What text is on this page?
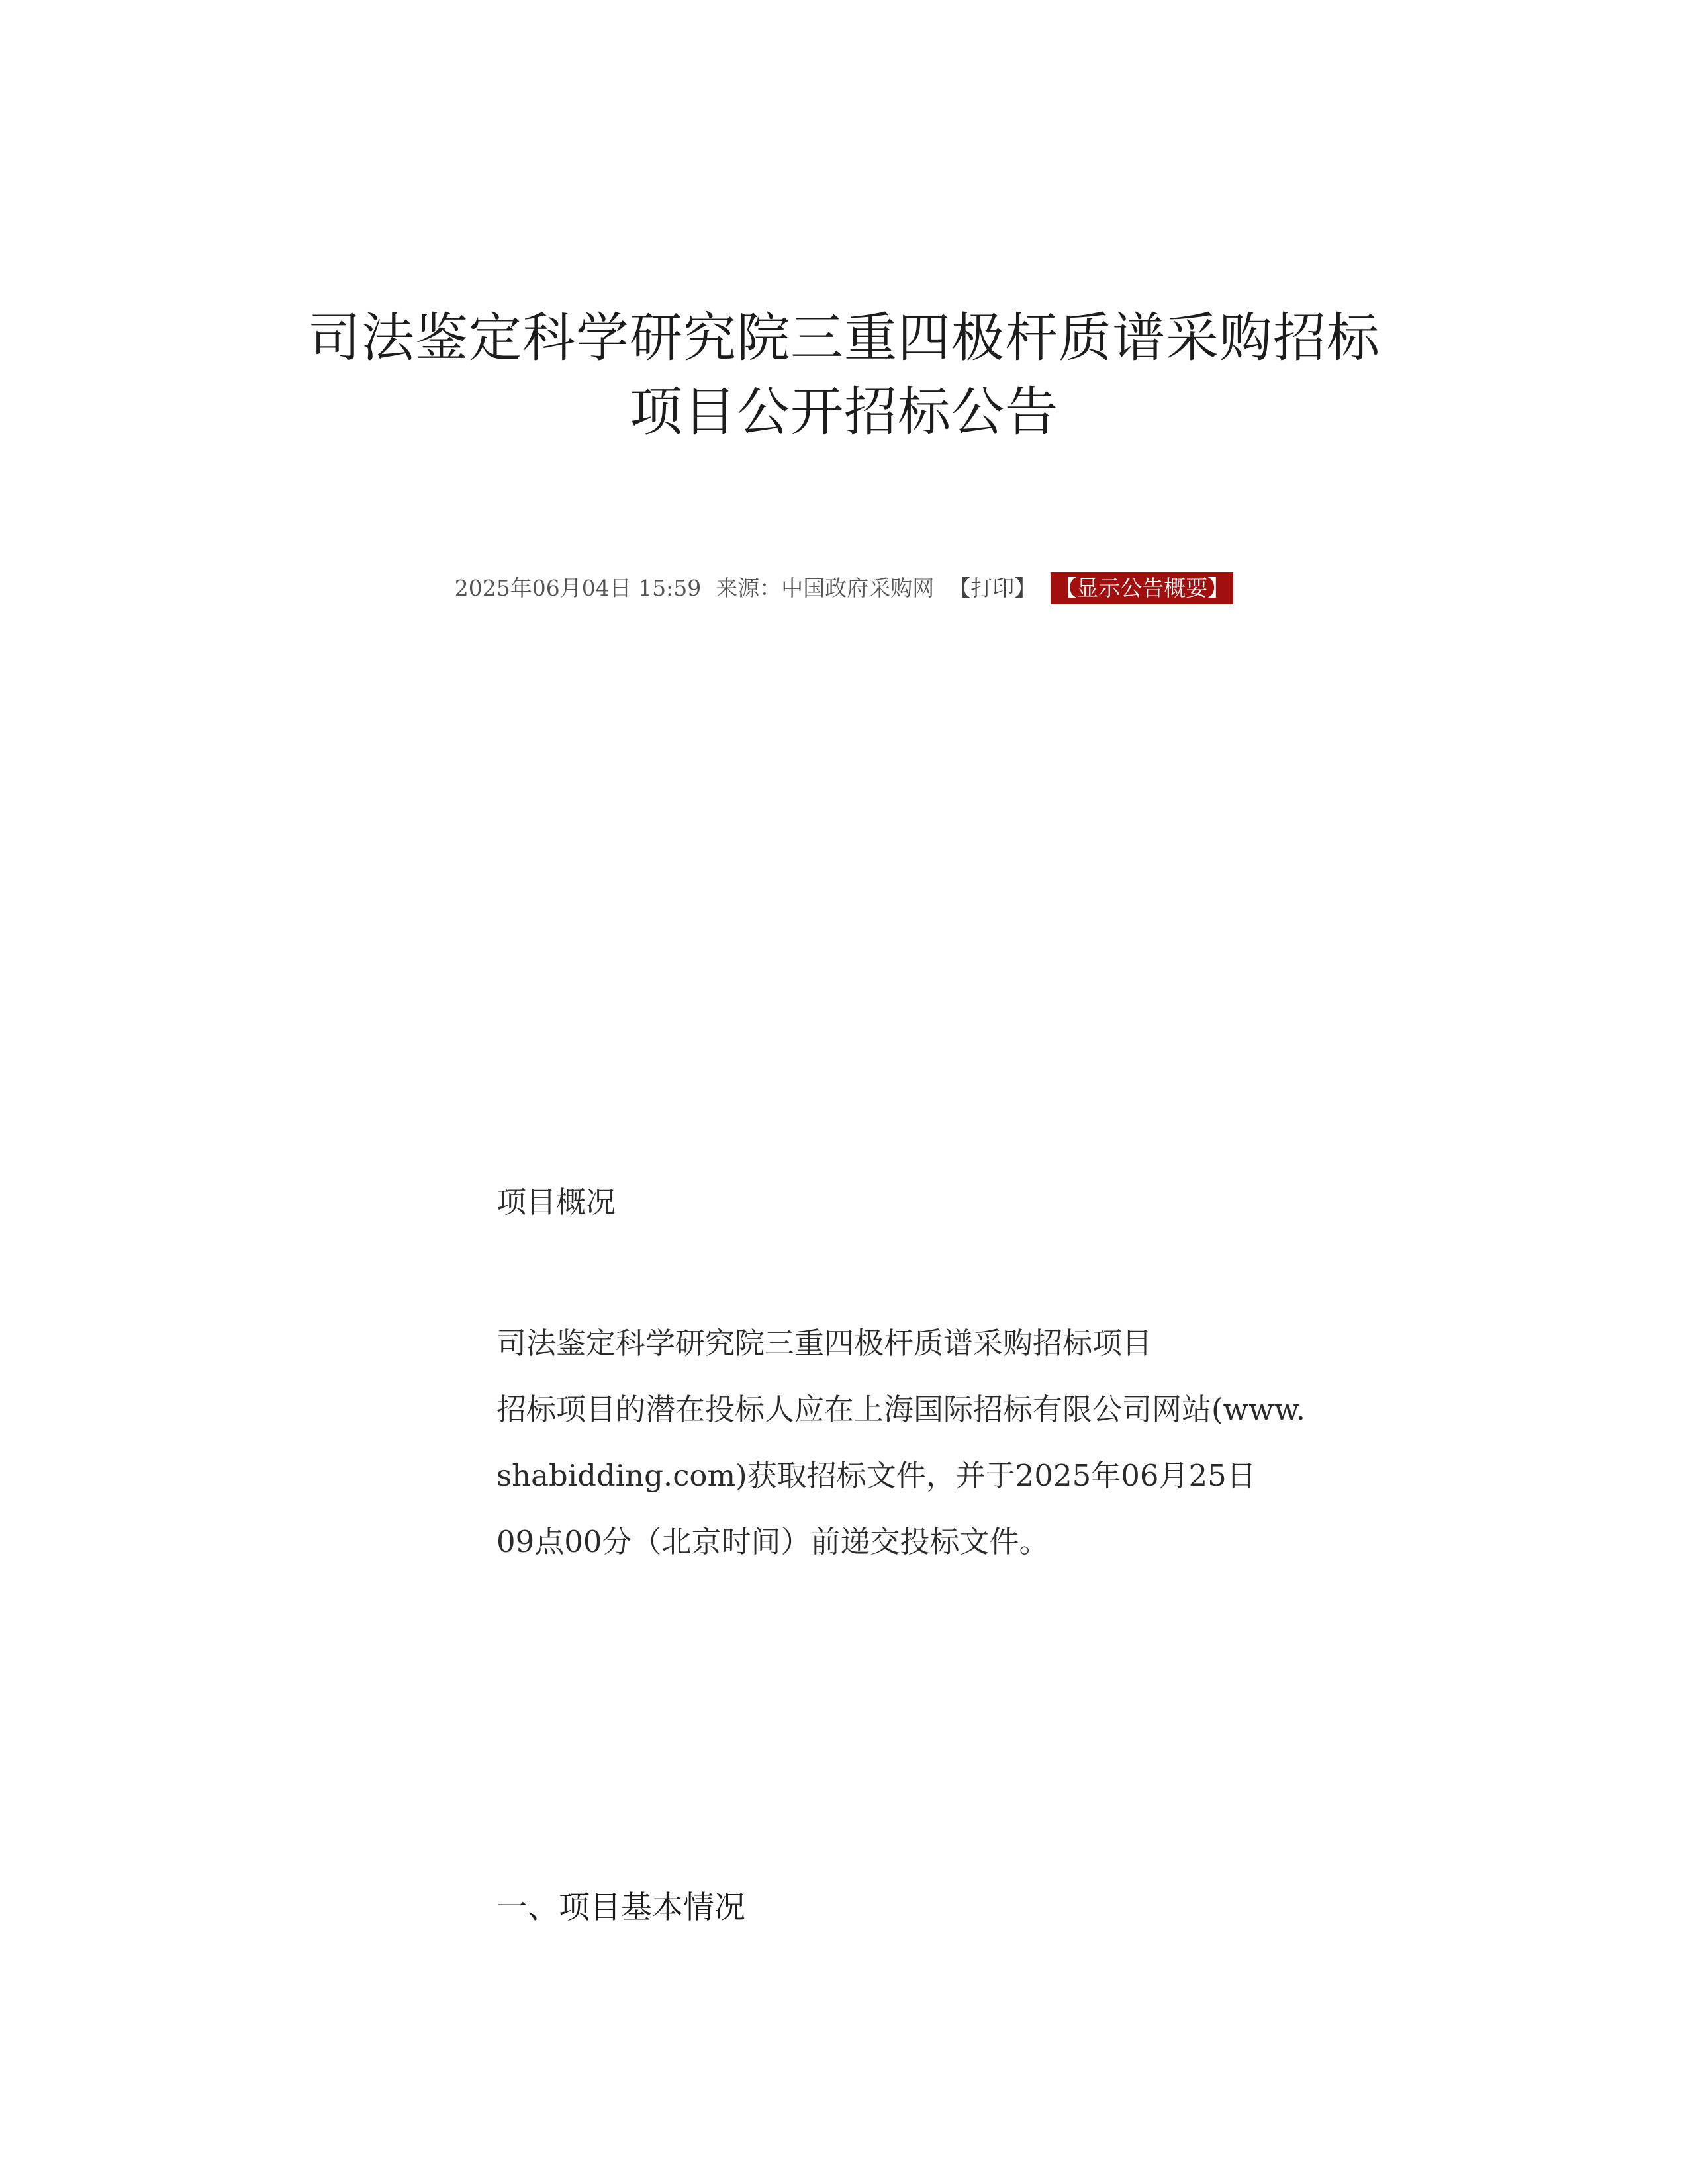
司法鉴定科学研究院三重四极杆质谱采购招标

项目公开招标公告

2025年06月04日 15:59 来源：中国政府采购网 【打印】 【显示公告概要】
项目概况
司法鉴定科学研究院三重四极杆质谱采购招标项目
招标项目的潜在投标人应在上海国际招标有限公司网站(www.
shabidding.com)获取招标文件，并于2025年06月25日
09点00分（北京时间）前递交投标文件。
一、项目基本情况
